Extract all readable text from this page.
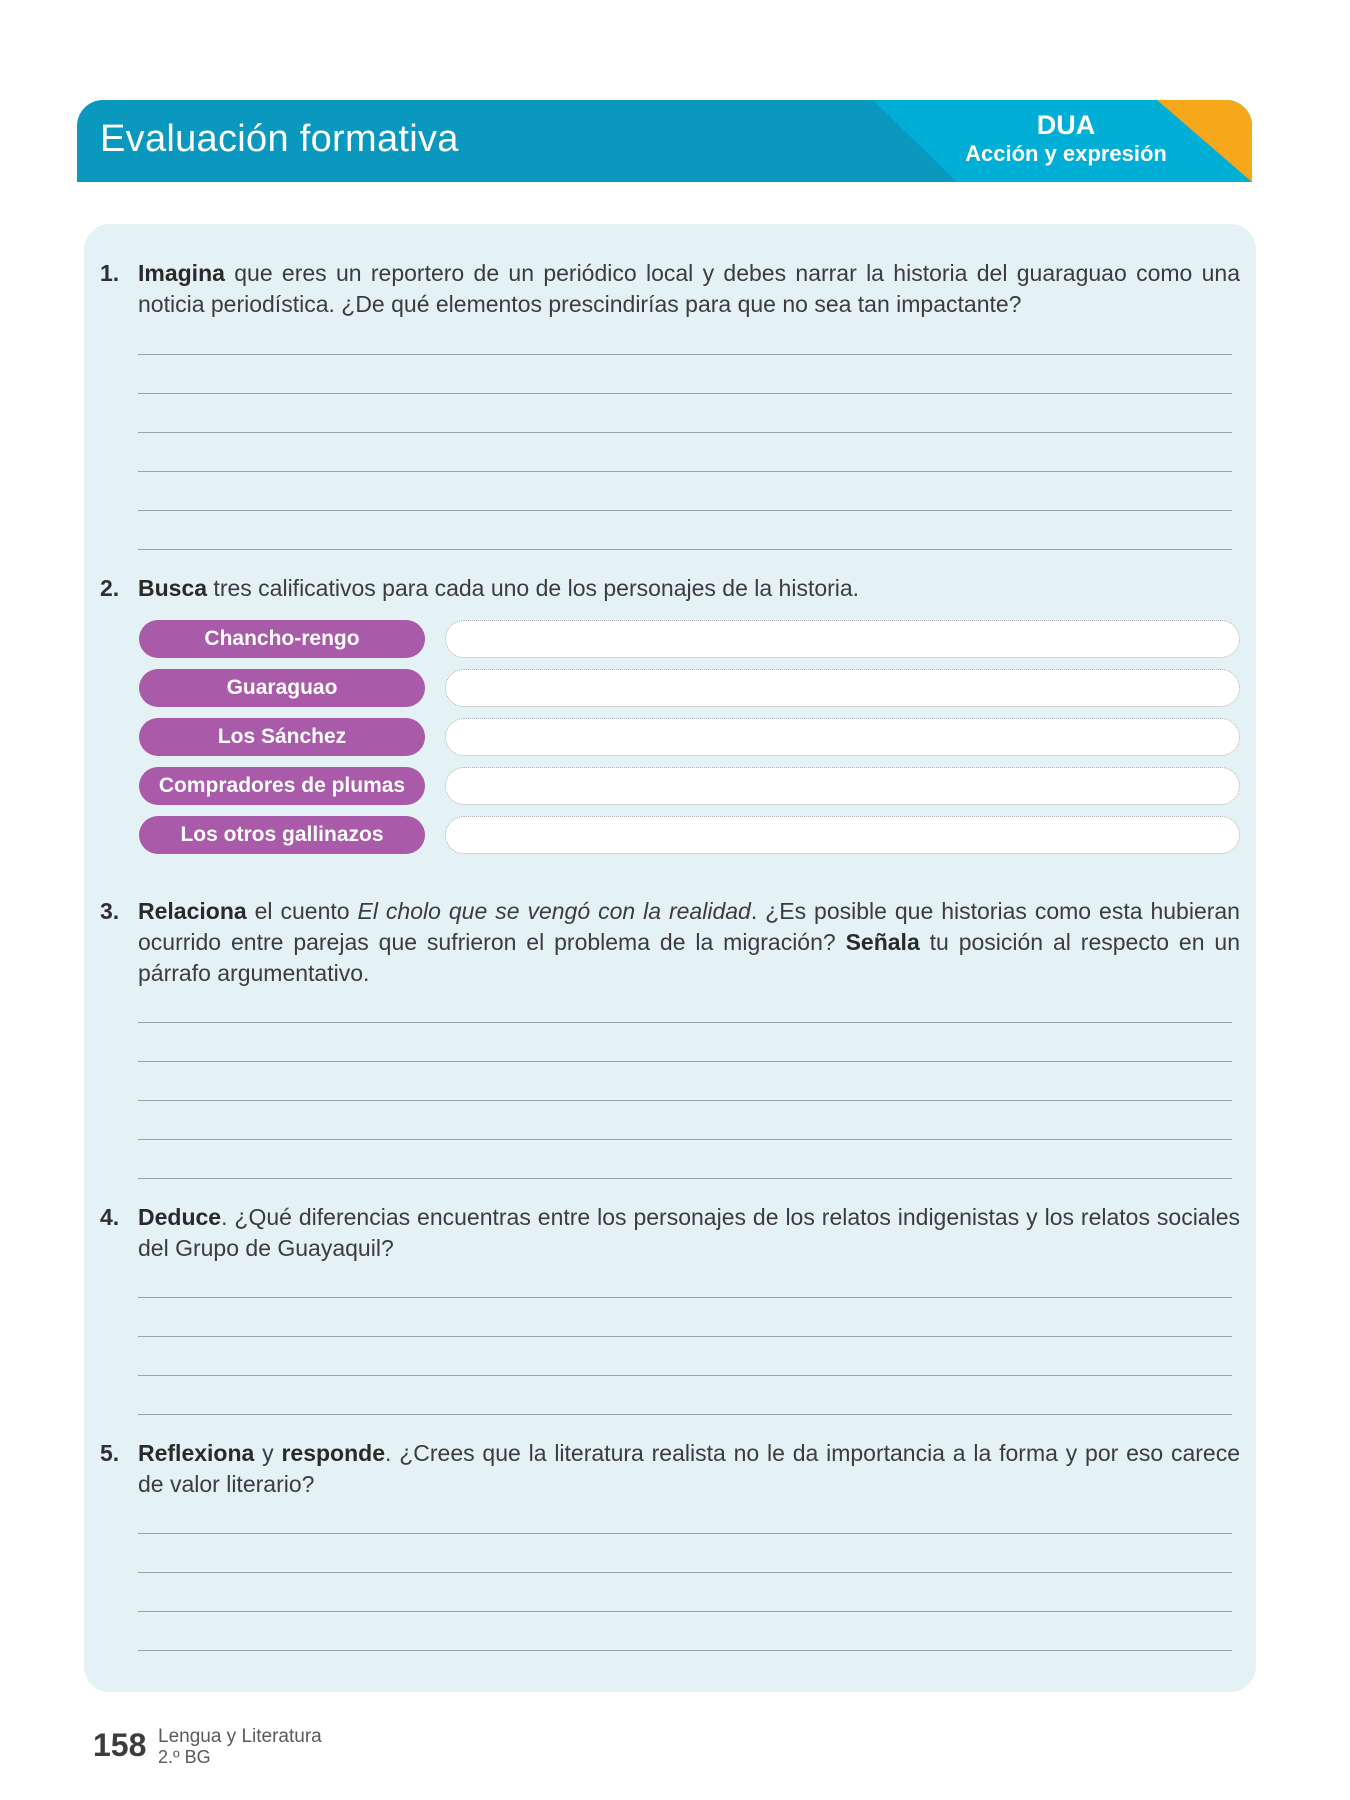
Evaluación formativa	DUA
Acción y expresión
1. Imagina que eres un reportero de un periódico local y debes narrar la historia del guaraguao como una noticia periodística. ¿De qué elementos prescindirías para que no sea tan impactante?
2. Busca tres calificativos para cada uno de los personajes de la historia.
Chancho-rengo
Guaraguao
Los Sánchez
Compradores de plumas
Los otros gallinazos
3. Relaciona el cuento El cholo que se vengó con la realidad. ¿Es posible que historias como esta hubieran ocurrido entre parejas que sufrieron el problema de la migración? Señala tu posición al respecto en un párrafo argumentativo.
4. Deduce. ¿Qué diferencias encuentras entre los personajes de los relatos indigenistas y los relatos sociales del Grupo de Guayaquil?
5. Reflexiona y responde. ¿Crees que la literatura realista no le da importancia a la forma y por eso carece de valor literario?
158 Lengua y Literatura
2.º BG
